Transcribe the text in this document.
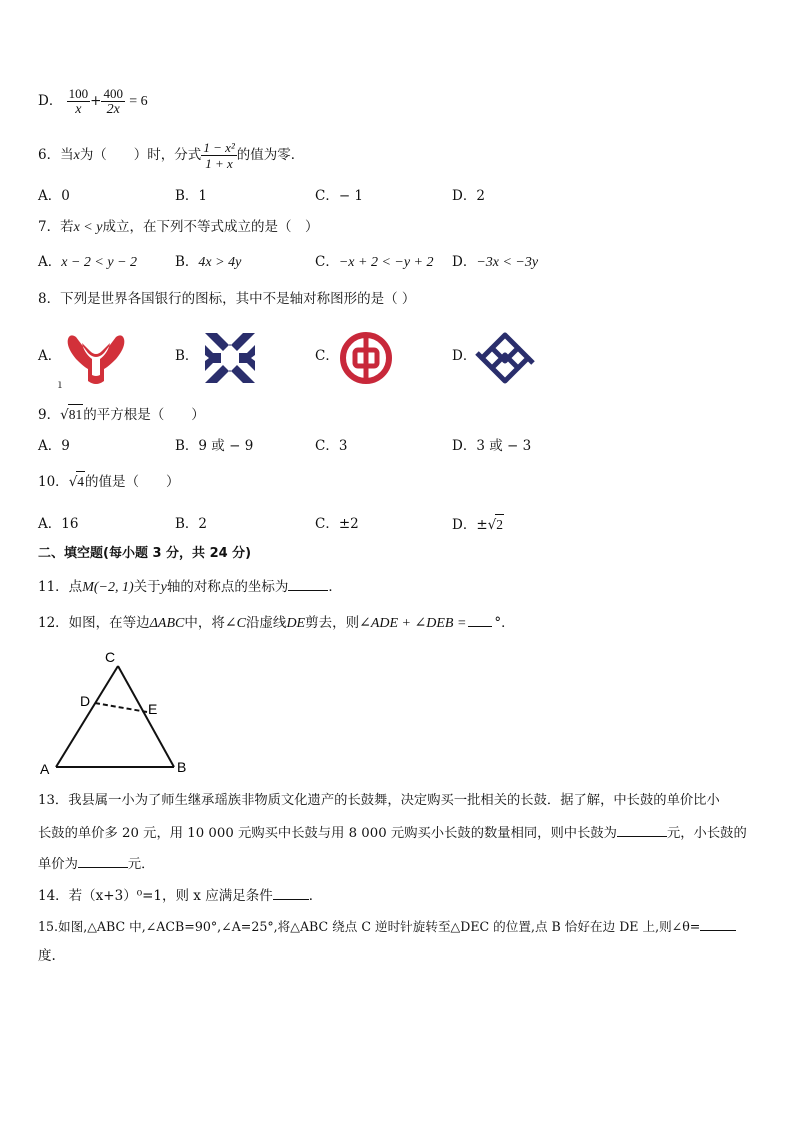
D． $\frac{100}{x} + \frac{400}{2x} = 6$
6．当x为（　　）时，分式 $\frac{\text{1 − x²}}{1 + x}$ 的值为零．
A．0	B．1	C．− 1	D．2
7．若x < y成立，在下列不等式成立的是（　）
A．x − 2 < y − 2	B．4x > 4y	C．−x + 2 < −y + 2 D．−3x < −3y
8．下列是世界各国银行的图标，其中不是轴对称图形的是（ ）
A．	B．	C．	D．
ı
9．√81的平方根是（　　）
A．9	B．9 或 − 9	C．3	D．3 或 − 3
10．√4的值是（　　）
A．16	B．2	C．±2	D．±√2
二、填空题(每小题 3 分，共 24 分)
11．点M(−2, 1)关于y轴的对称点的坐标为	．
12．如图，在等边ΔABC中，将∠C沿虚线DE剪去，则∠ADE + ∠DEB = °．
C
D	E
A	B
13．我县属一小为了师生继承瑶族非物质文化遗产的长鼓舞，决定购买一批相关的长鼓．据了解，中长鼓的单价比小
长鼓的单价多 20 元，用 10 000 元购买中长鼓与用 8 000 元购买小长鼓的数量相同，则中长鼓为	元，小长鼓的
单价为	元．
14．若（x+3）⁰=1，则 x 应满足条件	．
15.如图,△ABC 中,∠ACB=90°,∠A=25°,将△ABC 绕点 C 逆时针旋转至△DEC 的位置,点 B 恰好在边 DE 上,则∠θ=
度.
